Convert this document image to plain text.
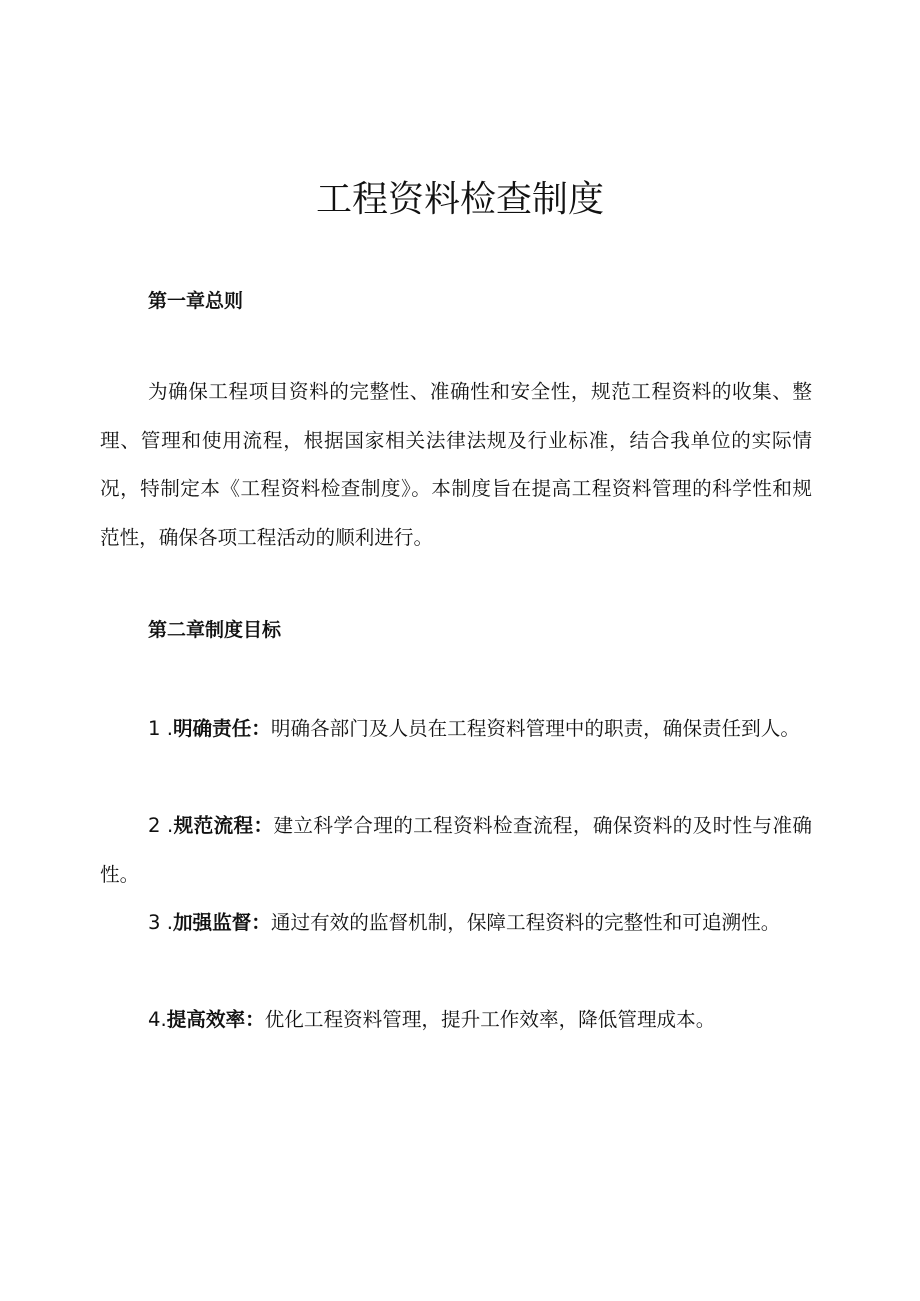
工程资料检查制度
第一章总则

为确保工程项目资料的完整性、准确性和安全性，规范工程资料的收集、整理、管理和使用流程，根据国家相关法律法规及行业标准，结合我单位的实际情况，特制定本《工程资料检查制度》。本制度旨在提高工程资料管理的科学性和规范性，确保各项工程活动的顺利进行。

第二章制度目标

1 .明确责任：明确各部门及人员在工程资料管理中的职责，确保责任到人。

2 .规范流程：建立科学合理的工程资料检查流程，确保资料的及时性与准确性。

3 .加强监督：通过有效的监督机制，保障工程资料的完整性和可追溯性。

4.提高效率：优化工程资料管理，提升工作效率，降低管理成本。
